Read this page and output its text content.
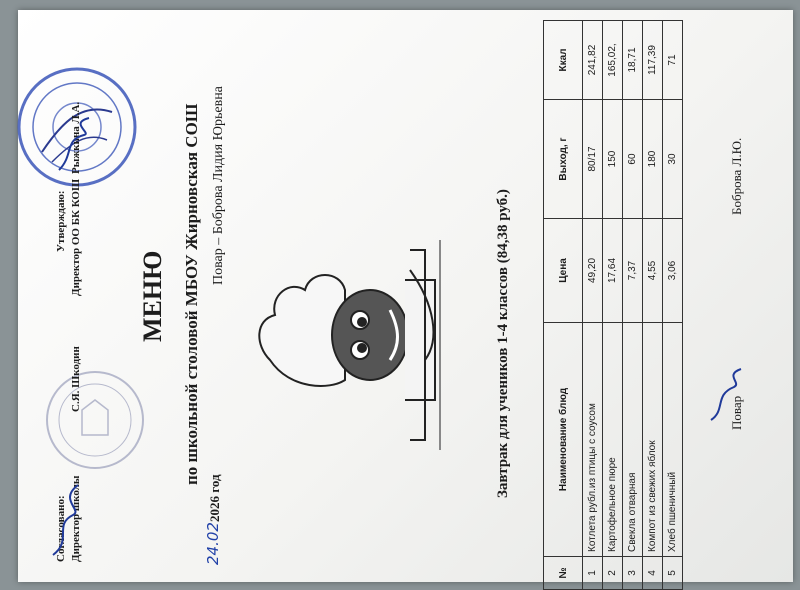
Утверждаю: Директор ОО БК КОШ
Рыжкина Л.А.
Согласовано: Директор школы
С.Я. Шкодин
МЕНЮ по школьной столовой МБОУ Жирновская СОШ
24.02
2026 год
Повар – Боброва Лидия Юрьевна
Завтрак для учеников 1-4 классов (84,38 руб.)
№	Наименование блюд	Цена	Выход, г	Ккал
1	Котлета рубл.из птицы с соусом	49,20	80/17	241,82
2	Картофельное пюре	17,64	150	165,02,
3	Свекла отварная	7,37	60	18,71
4	Компот из свежих яблок	4,55	180	117,39
5	Хлеб пшеничный	3,06	30	71
Повар
Боброва Л.Ю.
